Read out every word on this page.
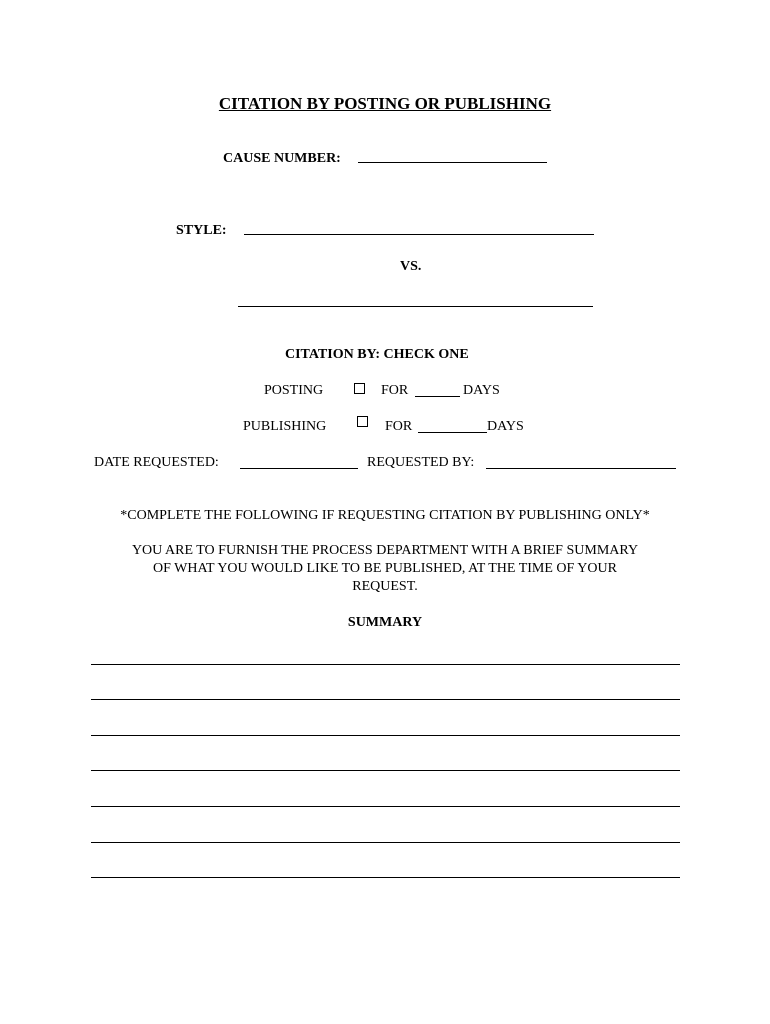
CITATION BY POSTING OR PUBLISHING
CAUSE NUMBER:
STYLE:
VS.
CITATION BY: CHECK ONE
POSTING	FOR	DAYS
PUBLISHING	FOR	DAYS
DATE REQUESTED:	REQUESTED BY:
*COMPLETE THE FOLLOWING IF REQUESTING CITATION BY PUBLISHING ONLY*
YOU ARE TO FURNISH THE PROCESS DEPARTMENT WITH A BRIEF SUMMARY
OF WHAT YOU WOULD LIKE TO BE PUBLISHED, AT THE TIME OF YOUR
REQUEST.
SUMMARY
